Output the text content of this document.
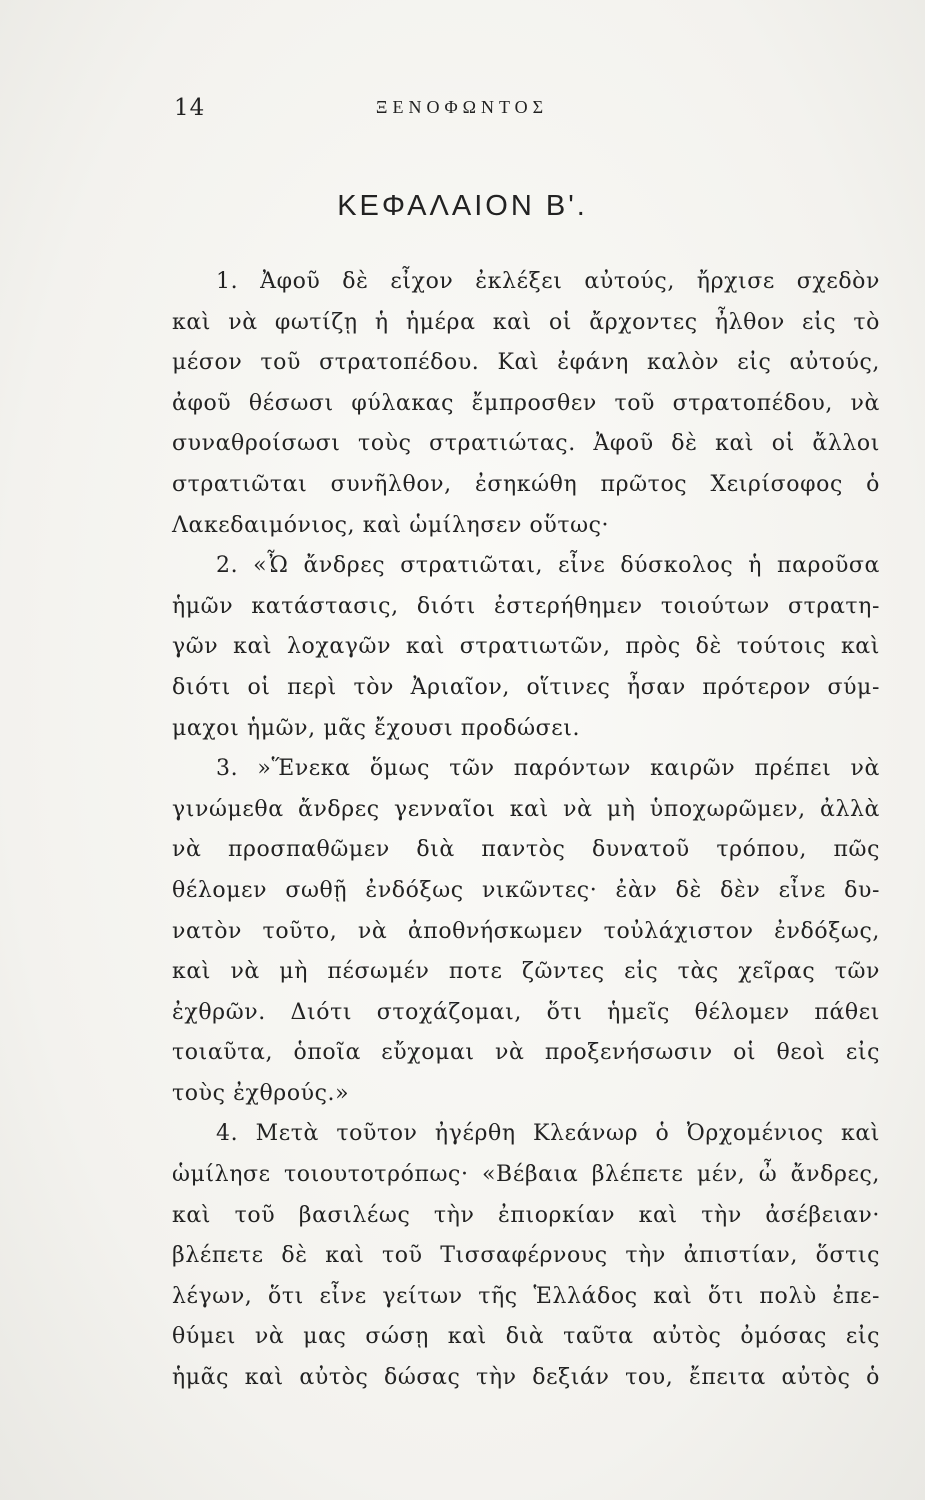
14	ΞΕΝΟΦΩΝΤΟΣ
ΚΕΦΑΛΑΙΟΝ Β'.
1. Ἀφοῦ δὲ εἶχον ἐκλέξει αὐτούς, ἤρχισε σχεδὸν
καὶ νὰ φωτίζῃ ἡ ἡμέρα καὶ οἱ ἄρχοντες ἦλθον εἰς τὸ
μέσον τοῦ στρατοπέδου. Καὶ ἐφάνη καλὸν εἰς αὐτούς,
ἀφοῦ θέσωσι φύλακας ἔμπροσθεν τοῦ στρατοπέδου, νὰ
συναθροίσωσι τοὺς στρατιώτας. Ἀφοῦ δὲ καὶ οἱ ἄλλοι
στρατιῶται συνῆλθον, ἐσηκώθη πρῶτος Χειρίσοφος ὁ
Λακεδαιμόνιος, καὶ ὡμίλησεν οὕτως·
2. «Ὦ ἄνδρες στρατιῶται, εἶνε δύσκολος ἡ παροῦσα
ἡμῶν κατάστασις, διότι ἐστερήθημεν τοιούτων στρατη-
γῶν καὶ λοχαγῶν καὶ στρατιωτῶν, πρὸς δὲ τούτοις καὶ
διότι οἱ περὶ τὸν Ἀριαῖον, οἵτινες ἦσαν πρότερον σύμ-
μαχοι ἡμῶν, μᾶς ἔχουσι προδώσει.
3. »Ἕνεκα ὅμως τῶν παρόντων καιρῶν πρέπει νὰ
γινώμεθα ἄνδρες γενναῖοι καὶ νὰ μὴ ὑποχωρῶμεν, ἀλλὰ
νὰ προσπαθῶμεν διὰ παντὸς δυνατοῦ τρόπου, πῶς
θέλομεν σωθῇ ἐνδόξως νικῶντες· ἐὰν δὲ δὲν εἶνε δυ-
νατὸν τοῦτο, νὰ ἀποθνήσκωμεν τοὐλάχιστον ἐνδόξως,
καὶ νὰ μὴ πέσωμέν ποτε ζῶντες εἰς τὰς χεῖρας τῶν
ἐχθρῶν. Διότι στοχάζομαι, ὅτι ἡμεῖς θέλομεν πάθει
τοιαῦτα, ὁποῖα εὔχομαι νὰ προξενήσωσιν οἱ θεοὶ εἰς
τοὺς ἐχθρούς.»
4. Μετὰ τοῦτον ἠγέρθη Κλεάνωρ ὁ Ὀρχομένιος καὶ
ὡμίλησε τοιουτοτρόπως· «Βέβαια βλέπετε μέν, ὦ ἄνδρες,
καὶ τοῦ βασιλέως τὴν ἐπιορκίαν καὶ τὴν ἀσέβειαν·
βλέπετε δὲ καὶ τοῦ Τισσαφέρνους τὴν ἀπιστίαν, ὅστις
λέγων, ὅτι εἶνε γείτων τῆς Ἑλλάδος καὶ ὅτι πολὺ ἐπε-
θύμει νὰ μας σώσῃ καὶ διὰ ταῦτα αὐτὸς ὀμόσας εἰς
ἡμᾶς καὶ αὐτὸς δώσας τὴν δεξιάν του, ἔπειτα αὐτὸς ὁ
